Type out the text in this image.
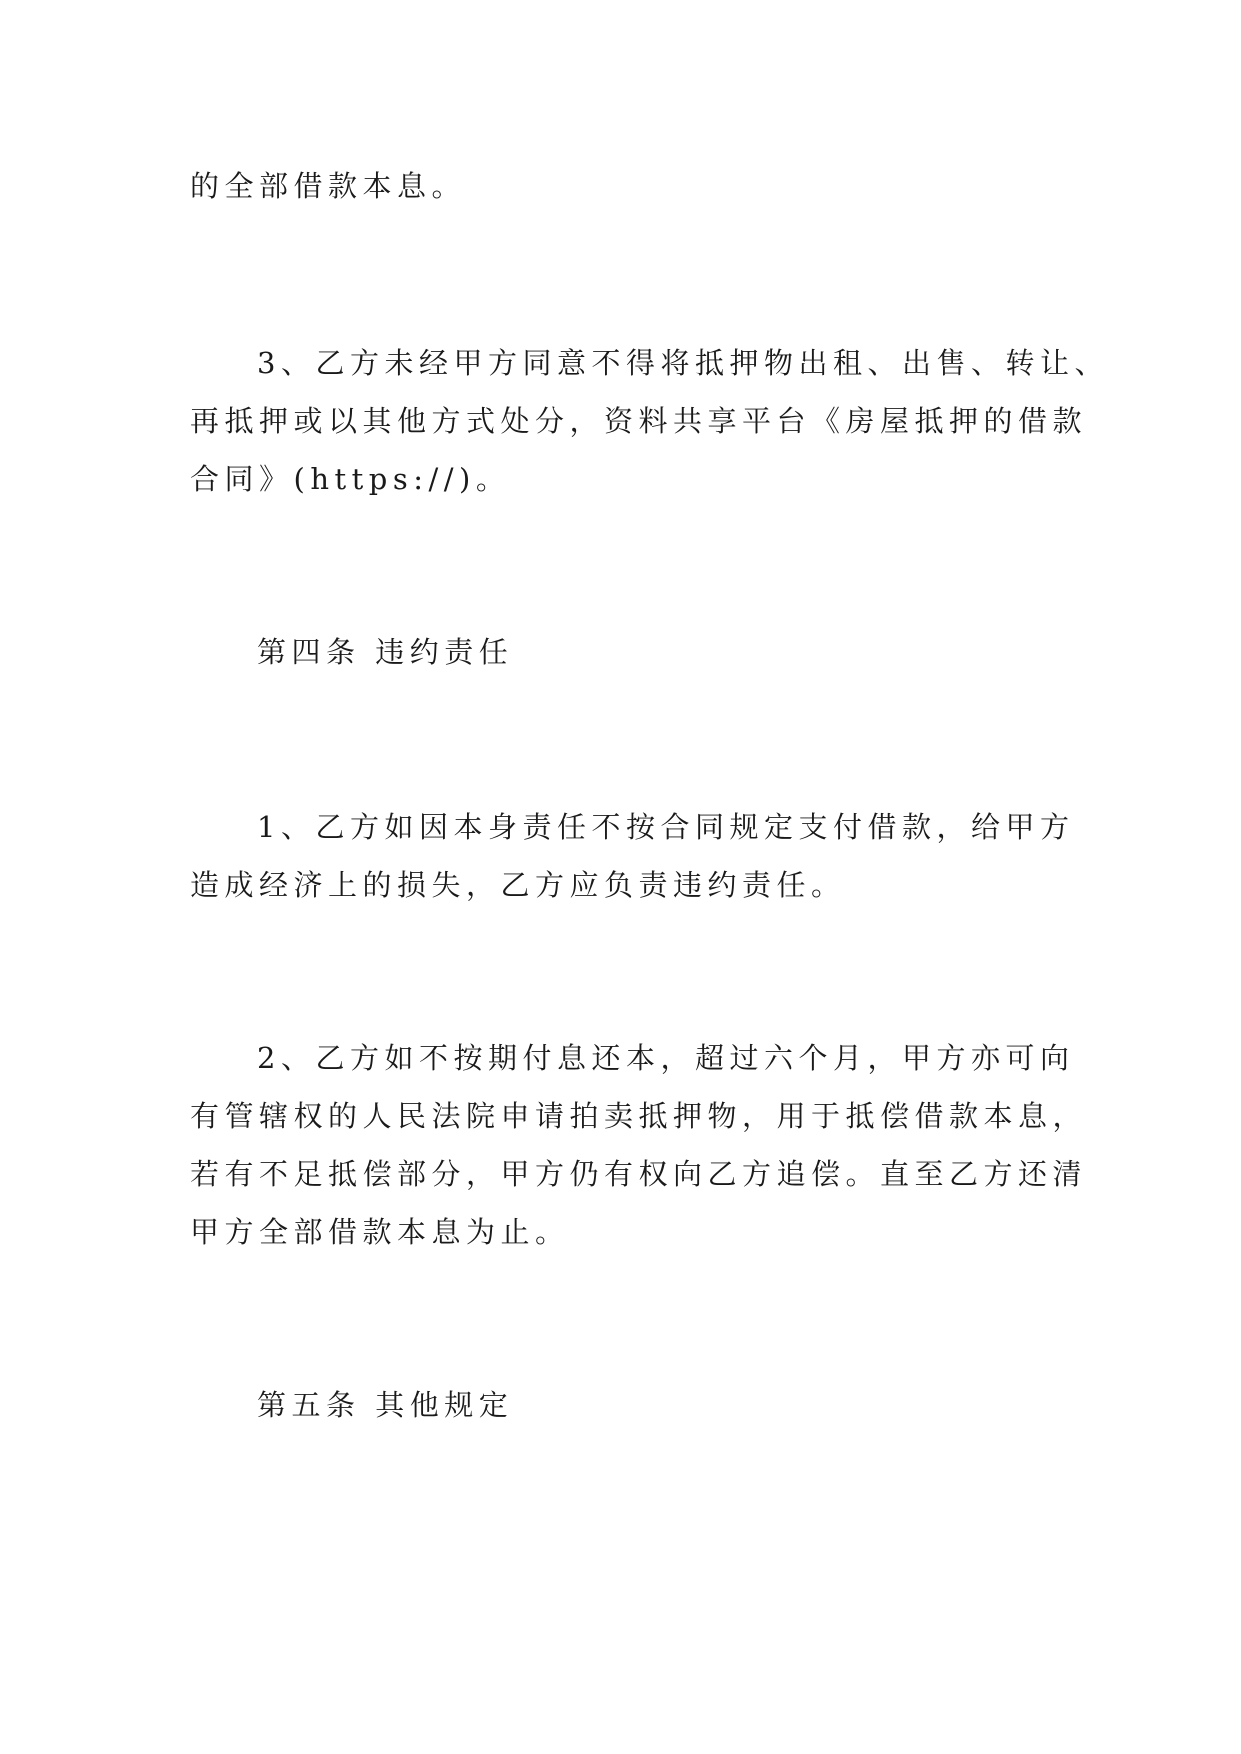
的全部借款本息。
3、乙方未经甲方同意不得将抵押物出租、出售、转让、
再抵押或以其他方式处分，资料共享平台《房屋抵押的借款
合同》(https://)。
第四条 违约责任
1、乙方如因本身责任不按合同规定支付借款，给甲方
造成经济上的损失，乙方应负责违约责任。
2、乙方如不按期付息还本，超过六个月，甲方亦可向
有管辖权的人民法院申请拍卖抵押物，用于抵偿借款本息，
若有不足抵偿部分，甲方仍有权向乙方追偿。直至乙方还清
甲方全部借款本息为止。
第五条 其他规定
